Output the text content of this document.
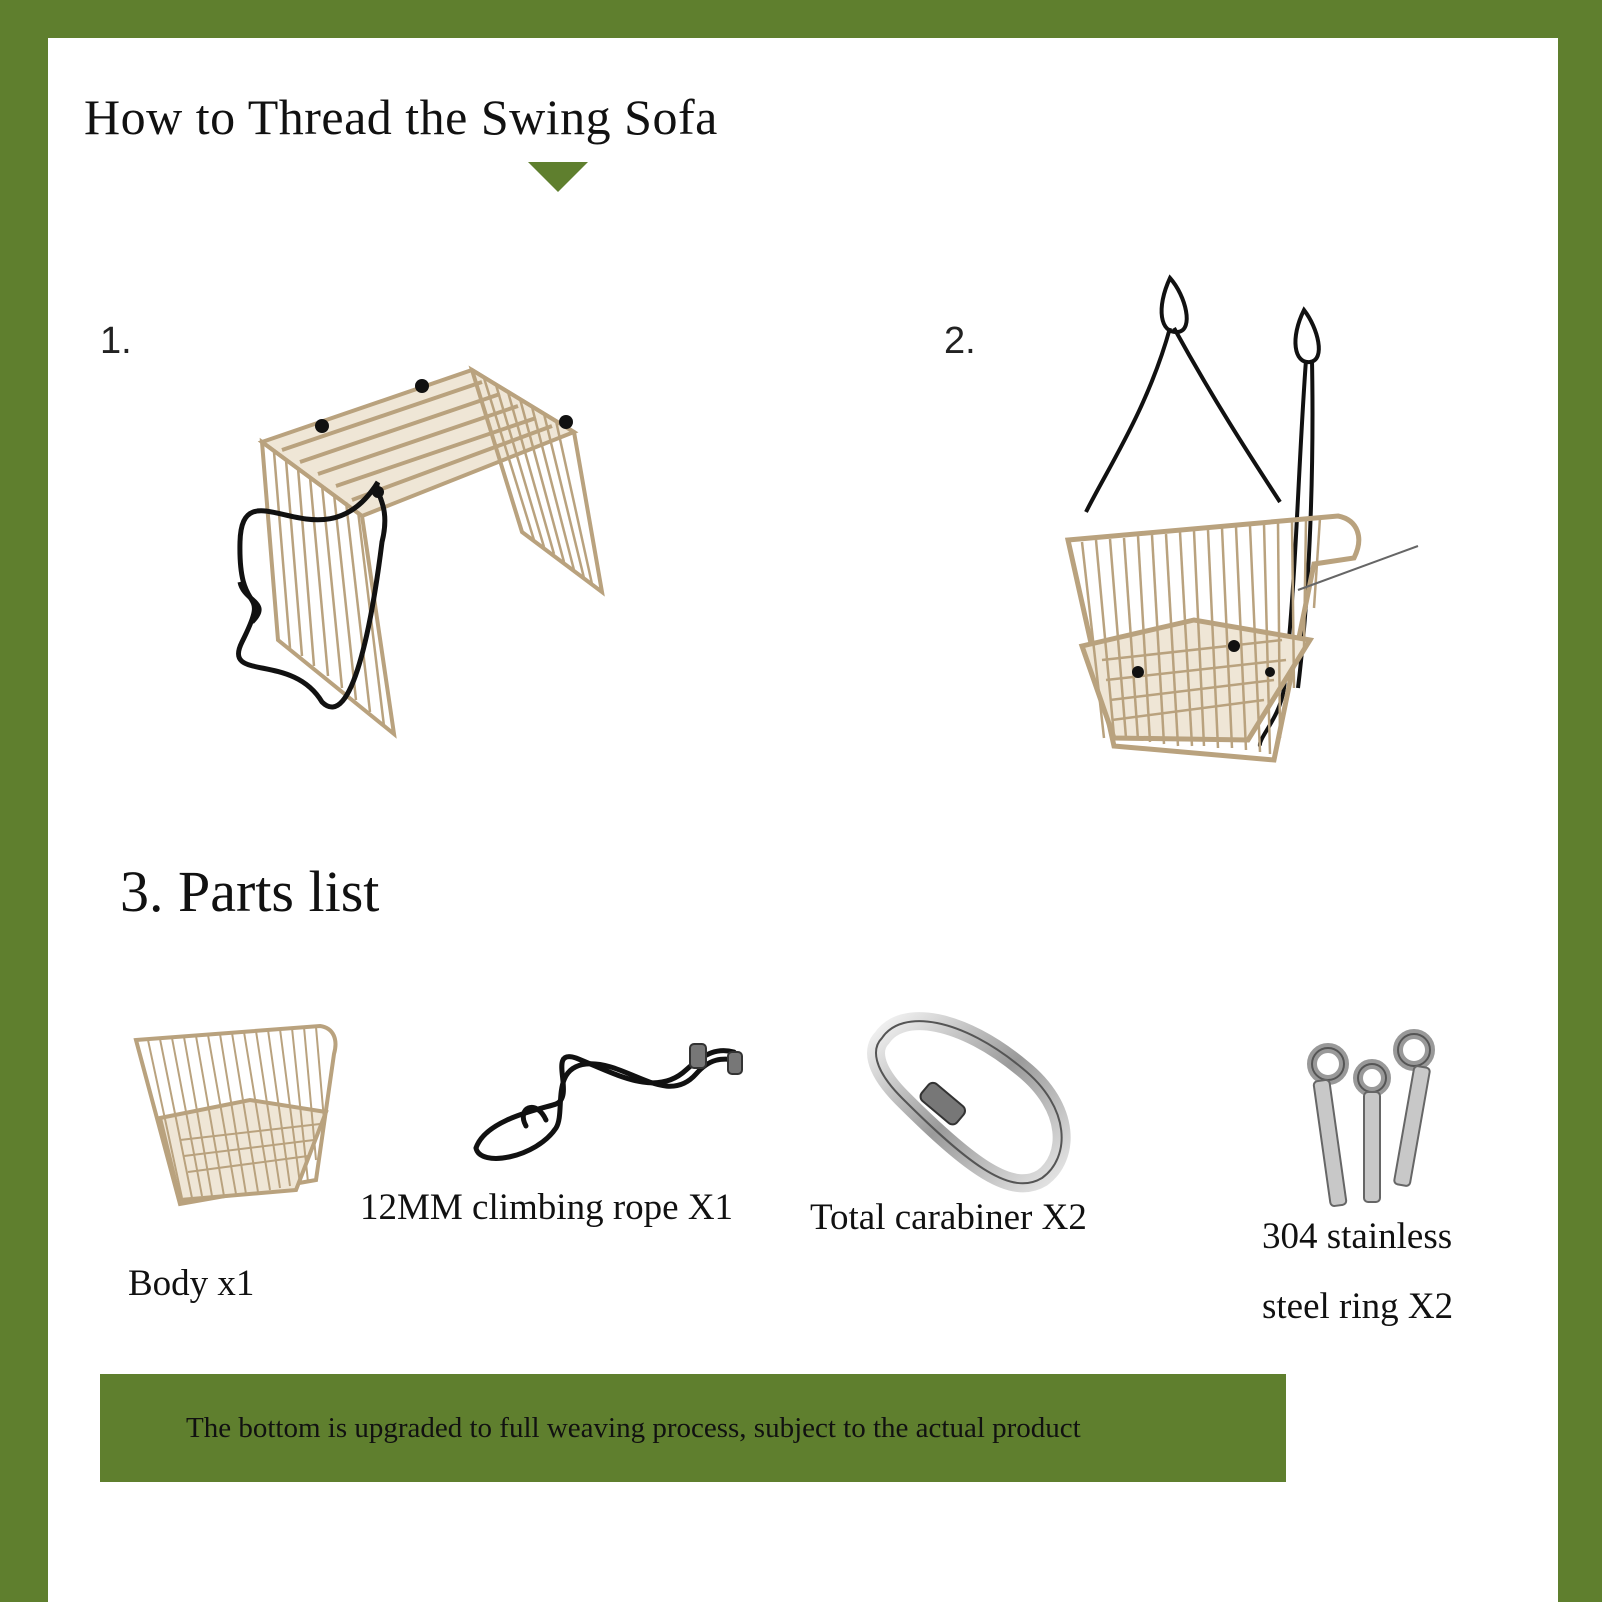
How to Thread the Swing Sofa
1.	2.
3. Parts list
Body x1
12MM climbing rope X1 Total carabiner X2	304 stainless steel ring X2
The bottom is upgraded to full weaving process, subject to the actual product
